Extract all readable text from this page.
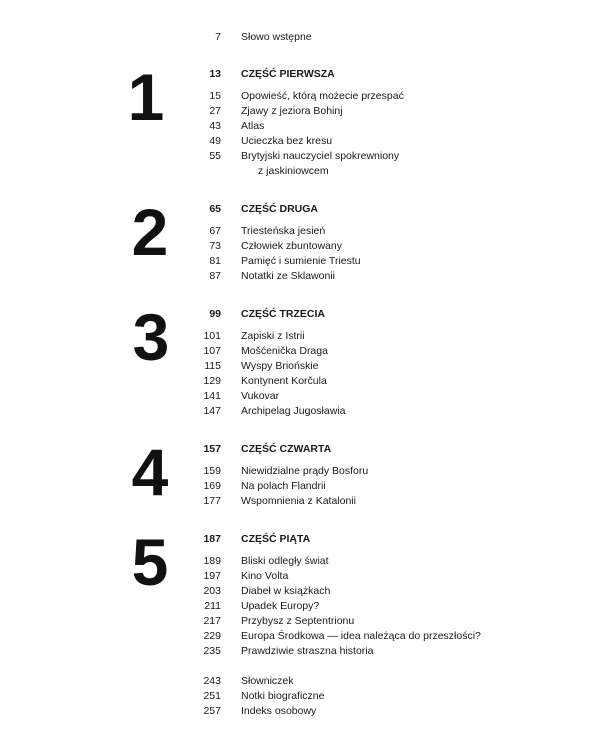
7 Słowo wstępne
1	13 CZĘŚĆ PIERWSZA
15 Opowieść, którą możecie przespać
27 Zjawy z jeziora Bohinj
43 Atlas
49 Ucieczka bez kresu
55 Brytyjski nauczyciel spokrewniony
z jaskiniowcem
2	65 CZĘŚĆ DRUGA
67 Triesteńska jesień
73 Człowiek zbuntowany
81 Pamięć i sumienie Triestu
87 Notatki ze Sklawonii
3	99 CZĘŚĆ TRZECIA
101 Zapiski z Istrii
107 Mošćenička Draga
115 Wyspy Briońskie
129 Kontynent Korčula
141 Vukovar
147 Archipelag Jugosławia
4	157 CZĘŚĆ CZWARTA
159 Niewidzialne prądy Bosforu
169 Na polach Flandrii
177 Wspomnienia z Katalonii
5	187 CZĘŚĆ PIĄTA
189 Bliski odległy świat
197 Kino Volta
203 Diabeł w książkach
211 Upadek Europy?
217 Przybysz z Septentrionu
229 Europa Środkowa — idea należąca do przeszłości?
235 Prawdziwie straszna historia
243 Słowniczek
251 Notki biograficzne
257 Indeks osobowy
